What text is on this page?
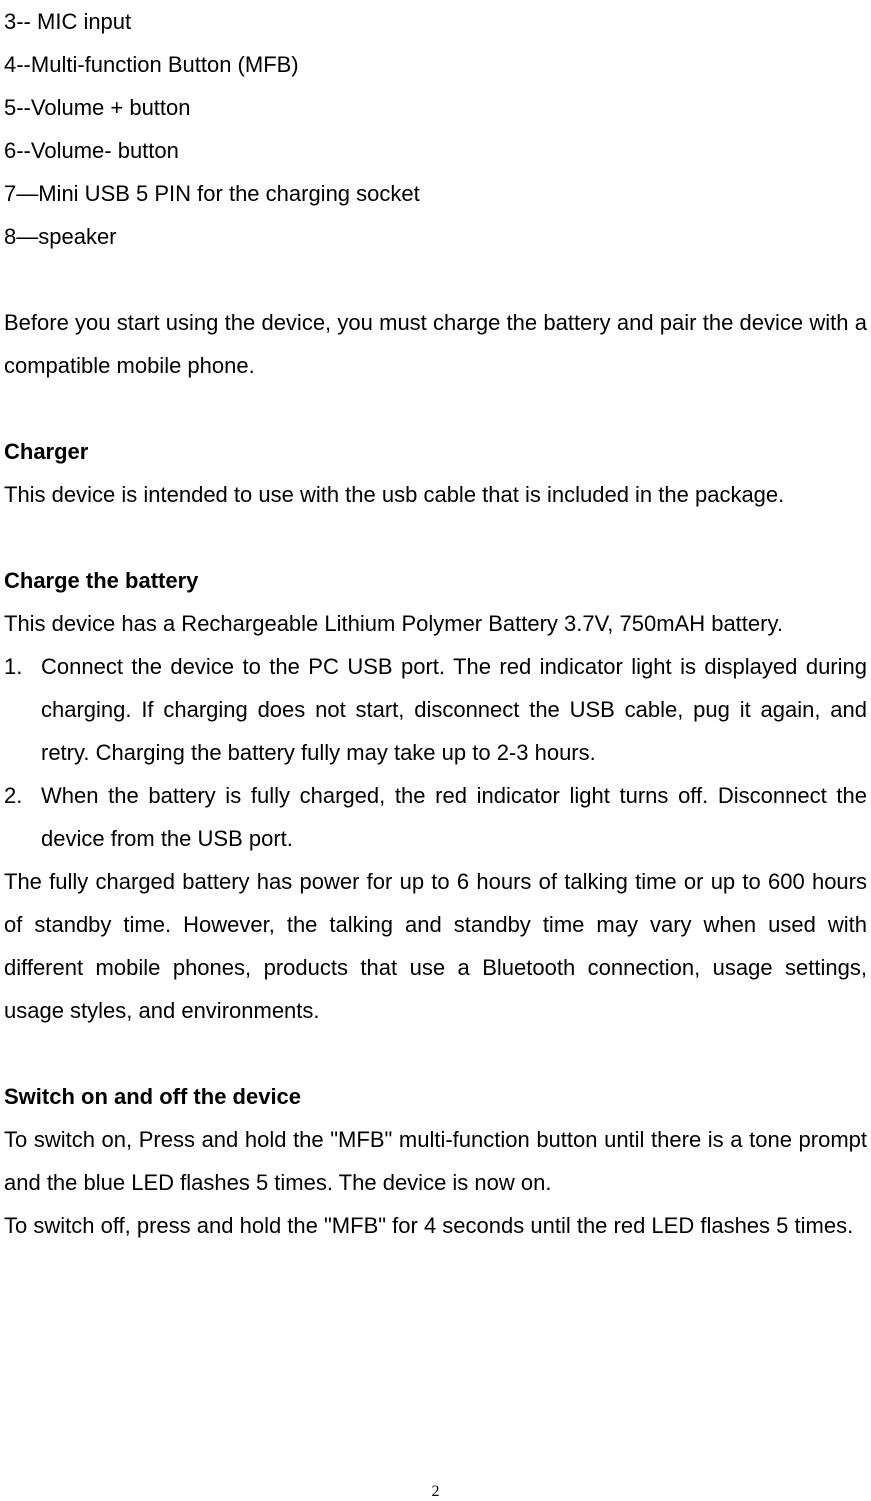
3-- MIC input
4--Multi-function Button (MFB)
5--Volume + button
6--Volume- button
7—Mini USB 5 PIN for the charging socket
8—speaker
Before you start using the device, you must charge the battery and pair the device with a compatible mobile phone.
Charger
This device is intended to use with the usb cable that is included in the package.
Charge the battery
This device has a Rechargeable Lithium Polymer Battery 3.7V, 750mAH battery.
1. Connect the device to the PC USB port. The red indicator light is displayed during charging. If charging does not start, disconnect the USB cable, pug it again, and retry. Charging the battery fully may take up to 2-3 hours.
2. When the battery is fully charged, the red indicator light turns off. Disconnect the device from the USB port.
The fully charged battery has power for up to 6 hours of talking time or up to 600 hours of standby time. However, the talking and standby time may vary when used with different mobile phones, products that use a Bluetooth connection, usage settings, usage styles, and environments.
Switch on and off the device
To switch on, Press and hold the "MFB" multi-function button until there is a tone prompt and the blue LED flashes 5 times. The device is now on.
To switch off, press and hold the "MFB" for 4 seconds until the red LED flashes 5 times.
2
